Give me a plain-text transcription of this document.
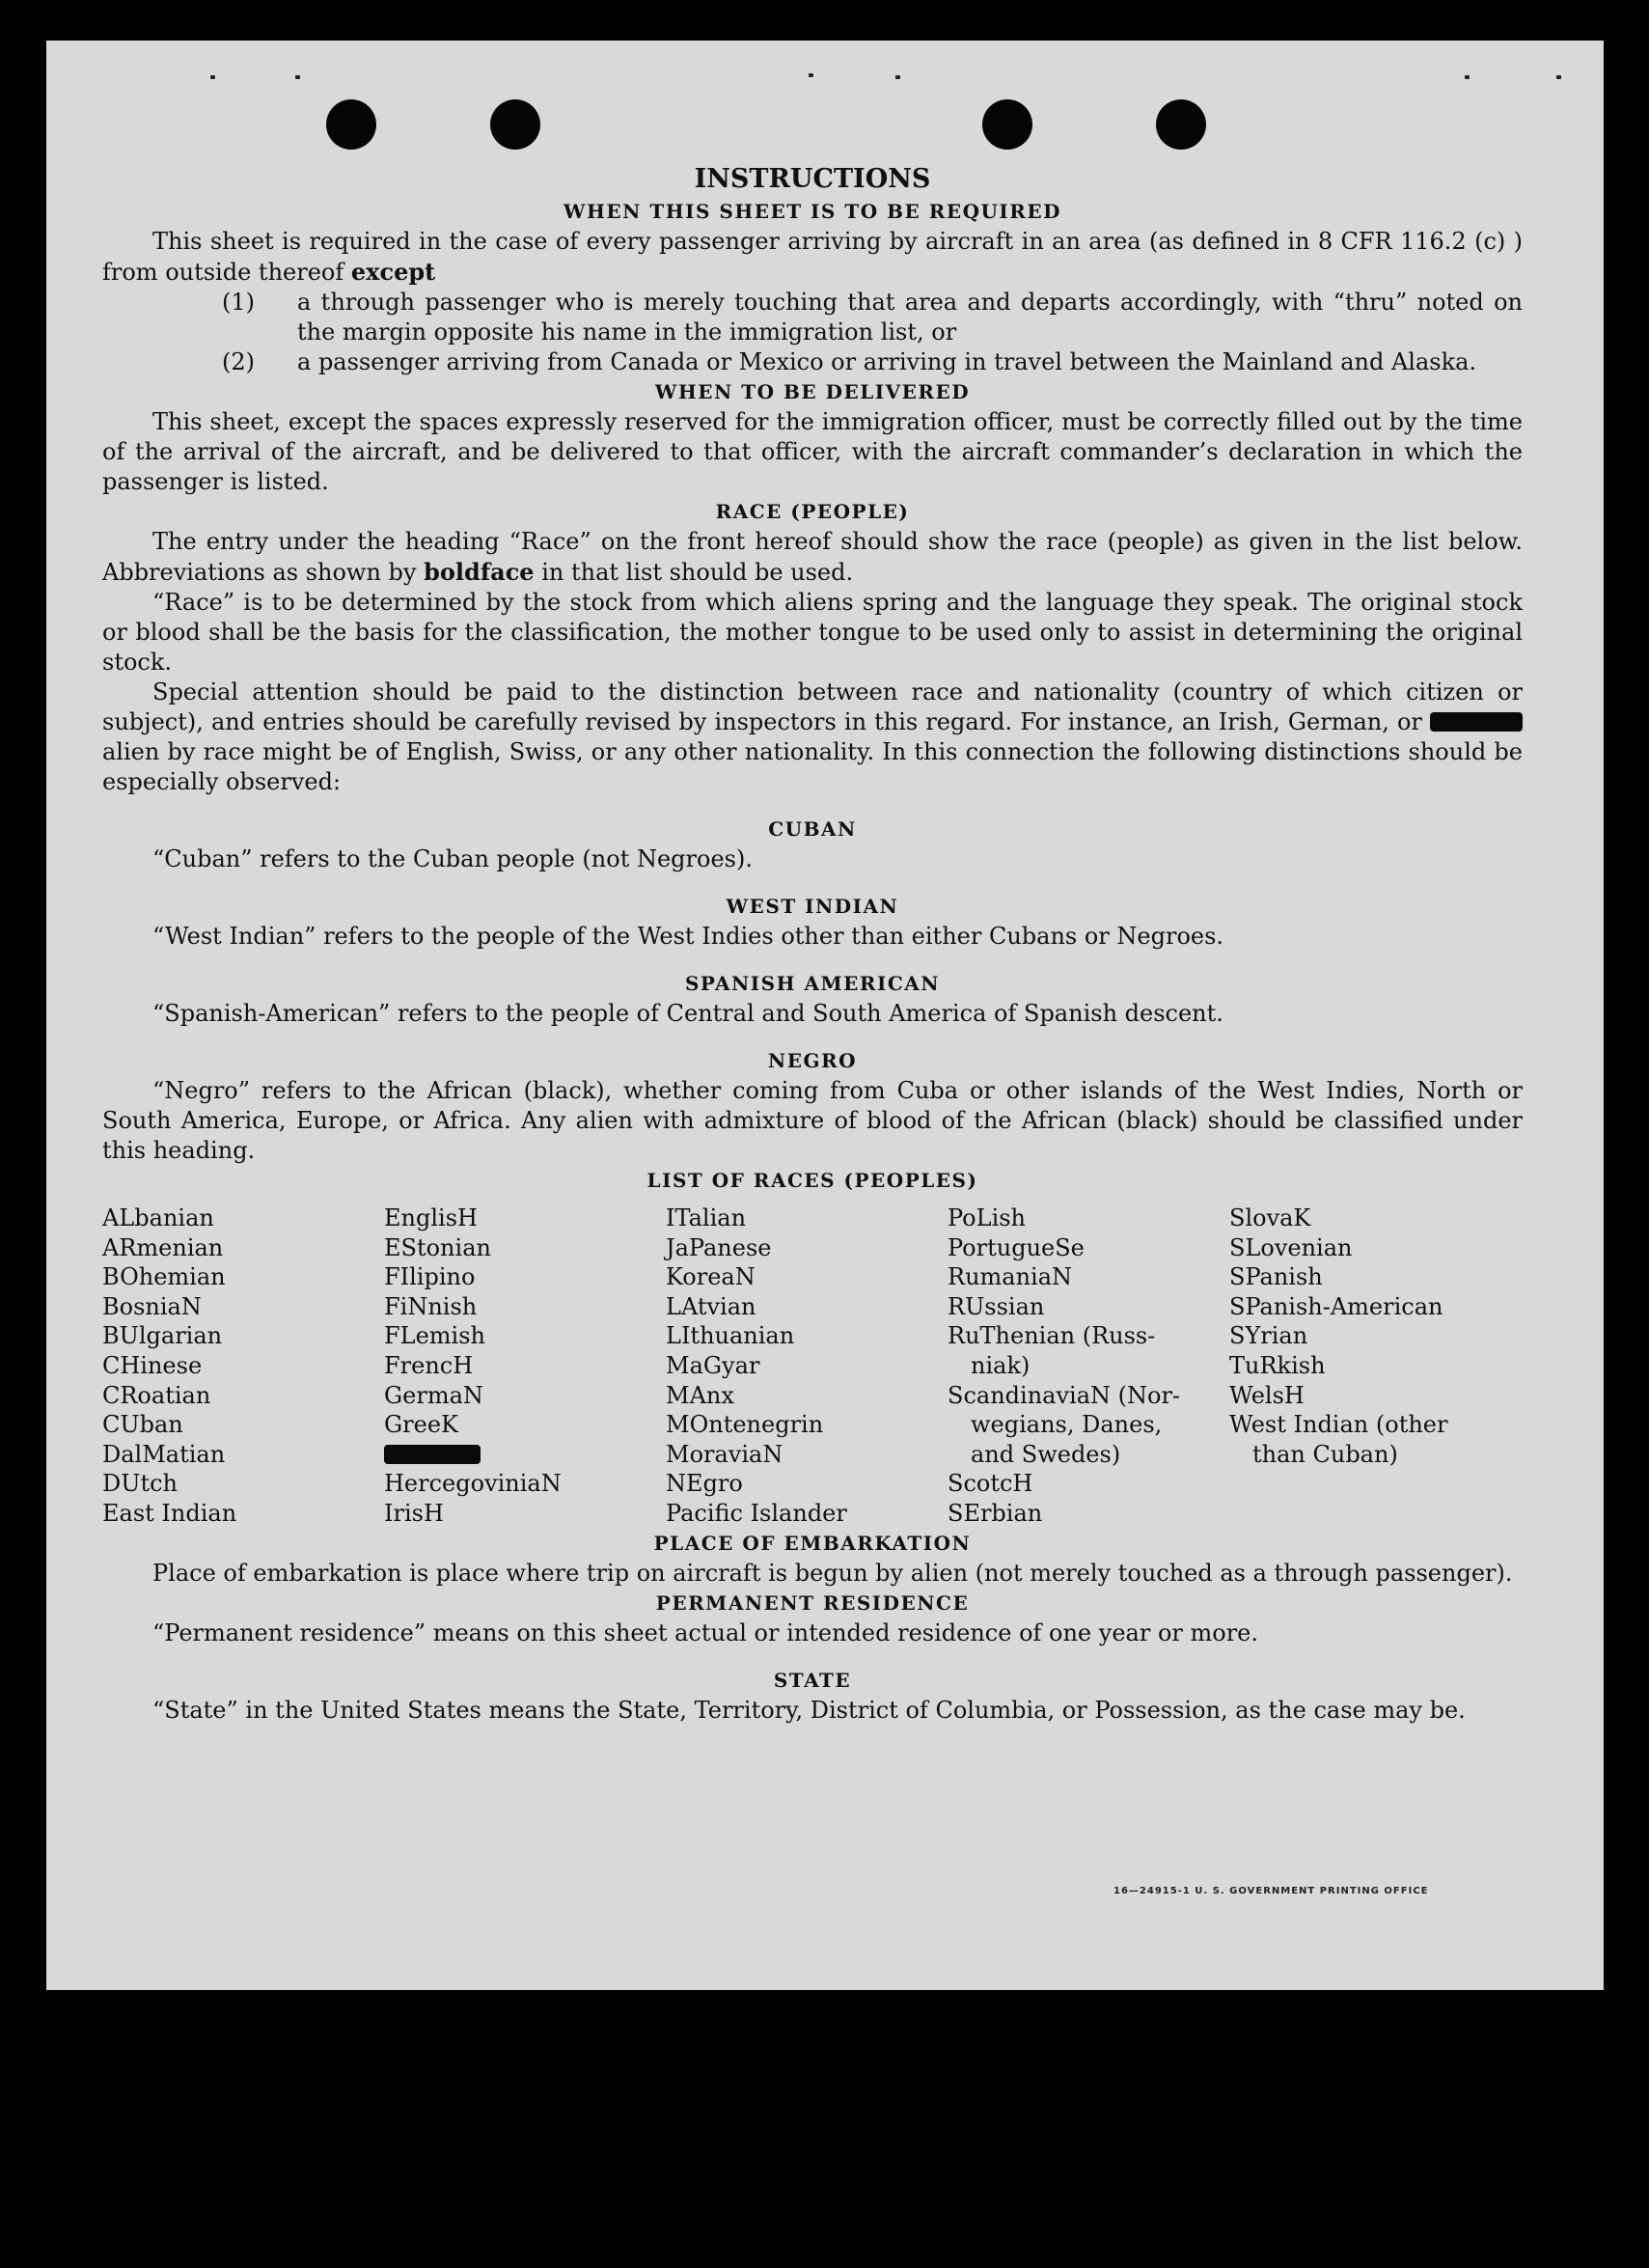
INSTRUCTIONS
WHEN THIS SHEET IS TO BE REQUIRED

This sheet is required in the case of every passenger arriving by aircraft in an area (as defined in 8 CFR 116.2 (c) ) from outside thereof except

(1) a through passenger who is merely touching that area and departs accordingly, with “thru” noted on the margin opposite his name in the immigration list, or

(2) a passenger arriving from Canada or Mexico or arriving in travel between the Mainland and Alaska.

WHEN TO BE DELIVERED

This sheet, except the spaces expressly reserved for the immigration officer, must be correctly filled out by the time of the arrival of the aircraft, and be delivered to that officer, with the aircraft commander’s declaration in which the passenger is listed.

RACE (PEOPLE)

The entry under the heading “Race” on the front hereof should show the race (people) as given in the list below. Abbreviations as shown by boldface in that list should be used.

“Race” is to be determined by the stock from which aliens spring and the language they speak. The original stock or blood shall be the basis for the classification, the mother tongue to be used only to assist in determining the original stock.

Special attention should be paid to the distinction between race and nationality (country of which citizen or subject), and entries should be carefully revised by inspectors in this regard. For instance, an Irish, German, or  alien by race might be of English, Swiss, or any other nationality. In this connection the following distinctions should be especially observed:

CUBAN

“Cuban” refers to the Cuban people (not Negroes).

WEST INDIAN

“West Indian” refers to the people of the West Indies other than either Cubans or Negroes.

SPANISH AMERICAN

“Spanish-American” refers to the people of Central and South America of Spanish descent.

NEGRO

“Negro” refers to the African (black), whether coming from Cuba or other islands of the West Indies, North or South America, Europe, or Africa. Any alien with admixture of blood of the African (black) should be classified under this heading.

LIST OF RACES (PEOPLES)
ALbanian
ARmenian
BOhemian
BosniaN
BUlgarian
CHinese
CRoatian
CUban
DalMatian
DUtch
East Indian
EnglisH
EStonian
FIlipino
FiNnish
FLemish
FrencH
GermaN
GreeK
HercegoviniaN
IrisH
ITalian
JaPanese
KoreaN
LAtvian
LIthuanian
MaGyar
MAnx
MOntenegrin
MoraviaN
NEgro
Pacific Islander
PoLish
PortugueSe
RumaniaN
RUssian
RuThenian (Russ-
niak)
ScandinaviaN (Nor-
wegians, Danes,
and Swedes)
ScotcH
SErbian
SlovaK
SLovenian
SPanish
SPanish-American
SYrian
TuRkish
WelsH
West Indian (other
than Cuban)
PLACE OF EMBARKATION

Place of embarkation is place where trip on aircraft is begun by alien (not merely touched as a through passenger).

PERMANENT RESIDENCE

“Permanent residence” means on this sheet actual or intended residence of one year or more.

STATE

“State” in the United States means the State, Territory, District of Columbia, or Possession, as the case may be.

16—24915-1 U. S. GOVERNMENT PRINTING OFFICE
